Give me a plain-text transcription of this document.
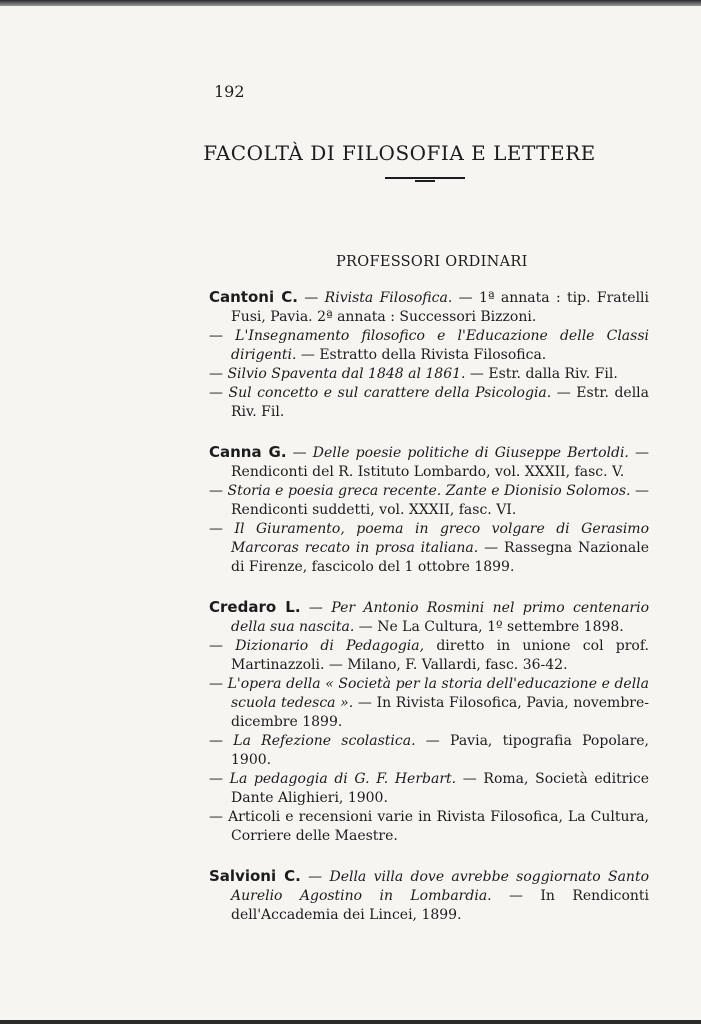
192
FACOLTÀ DI FILOSOFIA E LETTERE
PROFESSORI ORDINARI
Cantoni C. — Rivista Filosofica. — 1ª annata : tip. Fratelli Fusi, Pavia. 2ª annata : Successori Bizzoni.
— L'Insegnamento filosofico e l'Educazione delle Classi dirigenti. — Estratto della Rivista Filosofica.
— Silvio Spaventa dal 1848 al 1861. — Estr. dalla Riv. Fil.
— Sul concetto e sul carattere della Psicologia. — Estr. della Riv. Fil.
Canna G. — Delle poesie politiche di Giuseppe Bertoldi. — Rendiconti del R. Istituto Lombardo, vol. XXXII, fasc. V.
— Storia e poesia greca recente. Zante e Dionisio Solomos. — Rendiconti suddetti, vol. XXXII, fasc. VI.
— Il Giuramento, poema in greco volgare di Gerasimo Marcoras recato in prosa italiana. — Rassegna Nazionale di Firenze, fascicolo del 1 ottobre 1899.
Credaro L. — Per Antonio Rosmini nel primo centenario della sua nascita. — Ne La Cultura, 1º settembre 1898.
— Dizionario di Pedagogia, diretto in unione col prof. Martinazzoli. — Milano, F. Vallardi, fasc. 36-42.
— L'opera della « Società per la storia dell'educazione e della scuola tedesca ». — In Rivista Filosofica, Pavia, novembre-dicembre 1899.
— La Refezione scolastica. — Pavia, tipografia Popolare, 1900.
— La pedagogia di G. F. Herbart. — Roma, Società editrice Dante Alighieri, 1900.
— Articoli e recensioni varie in Rivista Filosofica, La Cultura, Corriere delle Maestre.
Salvioni C. — Della villa dove avrebbe soggiornato Santo Aurelio Agostino in Lombardia. — In Rendiconti dell'Accademia dei Lincei, 1899.
